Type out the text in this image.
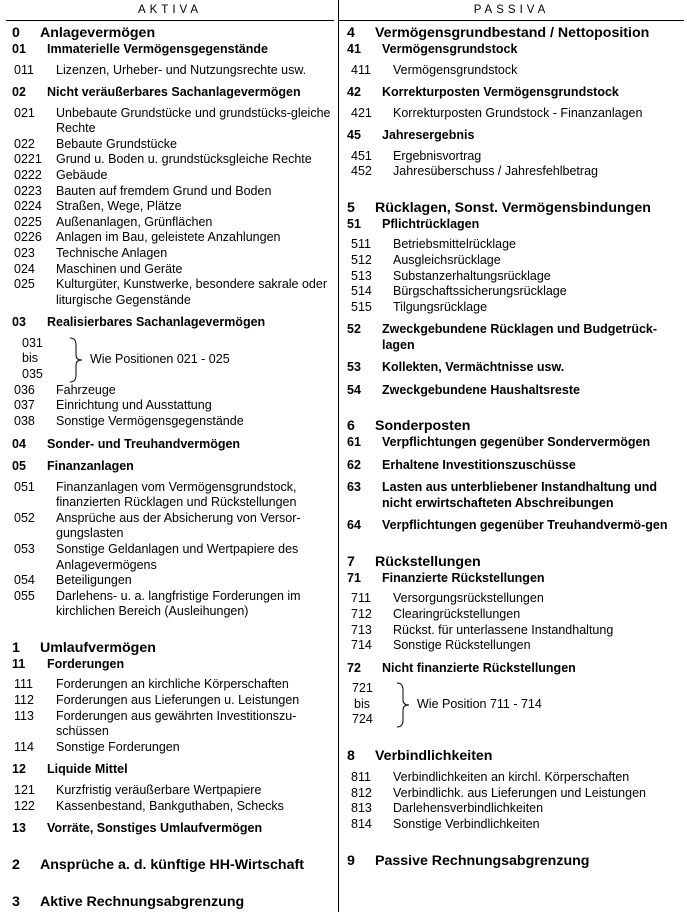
AKTIVA
0	Anlagevermögen
01	Immaterielle Vermögensgegenstände
011	Lizenzen, Urheber- und Nutzungsrechte usw.
02	Nicht veräußerbares Sachanlagevermögen
021	Unbebaute Grundstücke und grundstücks-gleiche Rechte
022	Bebaute Grundstücke
0221	Grund u. Boden u. grundstücksgleiche Rechte
0222	Gebäude
0223	Bauten auf fremdem Grund und Boden
0224	Straßen, Wege, Plätze
0225	Außenanlagen, Grünflächen
0226	Anlagen im Bau, geleistete Anzahlungen
023	Technische Anlagen
024	Maschinen und Geräte
025	Kulturgüter, Kunstwerke, besondere sakrale oder liturgische Gegenstände
03	Realisierbares Sachanlagevermögen
031
bis
035
Wie Positionen 021 - 025
036	Fahrzeuge
037	Einrichtung und Ausstattung
038	Sonstige Vermögensgegenstände
04	Sonder- und Treuhandvermögen
05	Finanzanlagen
051	Finanzanlagen vom Vermögensgrundstock, finanzierten Rücklagen und Rückstellungen
052	Ansprüche aus der Absicherung von Versor-gungslasten
053	Sonstige Geldanlagen und Wertpapiere des Anlagevermögens
054	Beteiligungen
055	Darlehens- u. a. langfristige Forderungen im kirchlichen Bereich (Ausleihungen)
1	Umlaufvermögen
11	Forderungen
111	Forderungen an kirchliche Körperschaften
112	Forderungen aus Lieferungen u. Leistungen
113	Forderungen aus gewährten Investitionszu-schüssen
114	Sonstige Forderungen
12	Liquide Mittel
121	Kurzfristig veräußerbare Wertpapiere
122	Kassenbestand, Bankguthaben, Schecks
13	Vorräte, Sonstiges Umlaufvermögen
2	Ansprüche a. d. künftige HH-Wirtschaft
3	Aktive Rechnungsabgrenzung
PASSIVA
4	Vermögensgrundbestand / Nettoposition
41	Vermögensgrundstock
411	Vermögensgrundstock
42	Korrekturposten Vermögensgrundstock
421	Korrekturposten Grundstock - Finanzanlagen
45	Jahresergebnis
451	Ergebnisvortrag
452	Jahresüberschuss / Jahresfehlbetrag
5	Rücklagen, Sonst. Vermögensbindungen
51	Pflichtrücklagen
511	Betriebsmittelrücklage
512	Ausgleichsrücklage
513	Substanzerhaltungsrücklage
514	Bürgschaftssicherungsrücklage
515	Tilgungsrücklage
52	Zweckgebundene Rücklagen und Budgetrück-lagen
53	Kollekten, Vermächtnisse usw.
54	Zweckgebundene Haushaltsreste
6	Sonderposten
61	Verpflichtungen gegenüber Sondervermögen
62	Erhaltene Investitionszuschüsse
63	Lasten aus unterbliebener Instandhaltung und nicht erwirtschafteten Abschreibungen
64	Verpflichtungen gegenüber Treuhandvermö-gen
7	Rückstellungen
71	Finanzierte Rückstellungen
711	Versorgungsrückstellungen
712	Clearingrückstellungen
713	Rückst. für unterlassene Instandhaltung
714	Sonstige Rückstellungen
72	Nicht finanzierte Rückstellungen
721
bis
724
Wie Position 711 - 714
8	Verbindlichkeiten
811	Verbindlichkeiten an kirchl. Körperschaften
812	Verbindlichk. aus Lieferungen und Leistungen
813	Darlehensverbindlichkeiten
814	Sonstige Verbindlichkeiten
9	Passive Rechnungsabgrenzung
